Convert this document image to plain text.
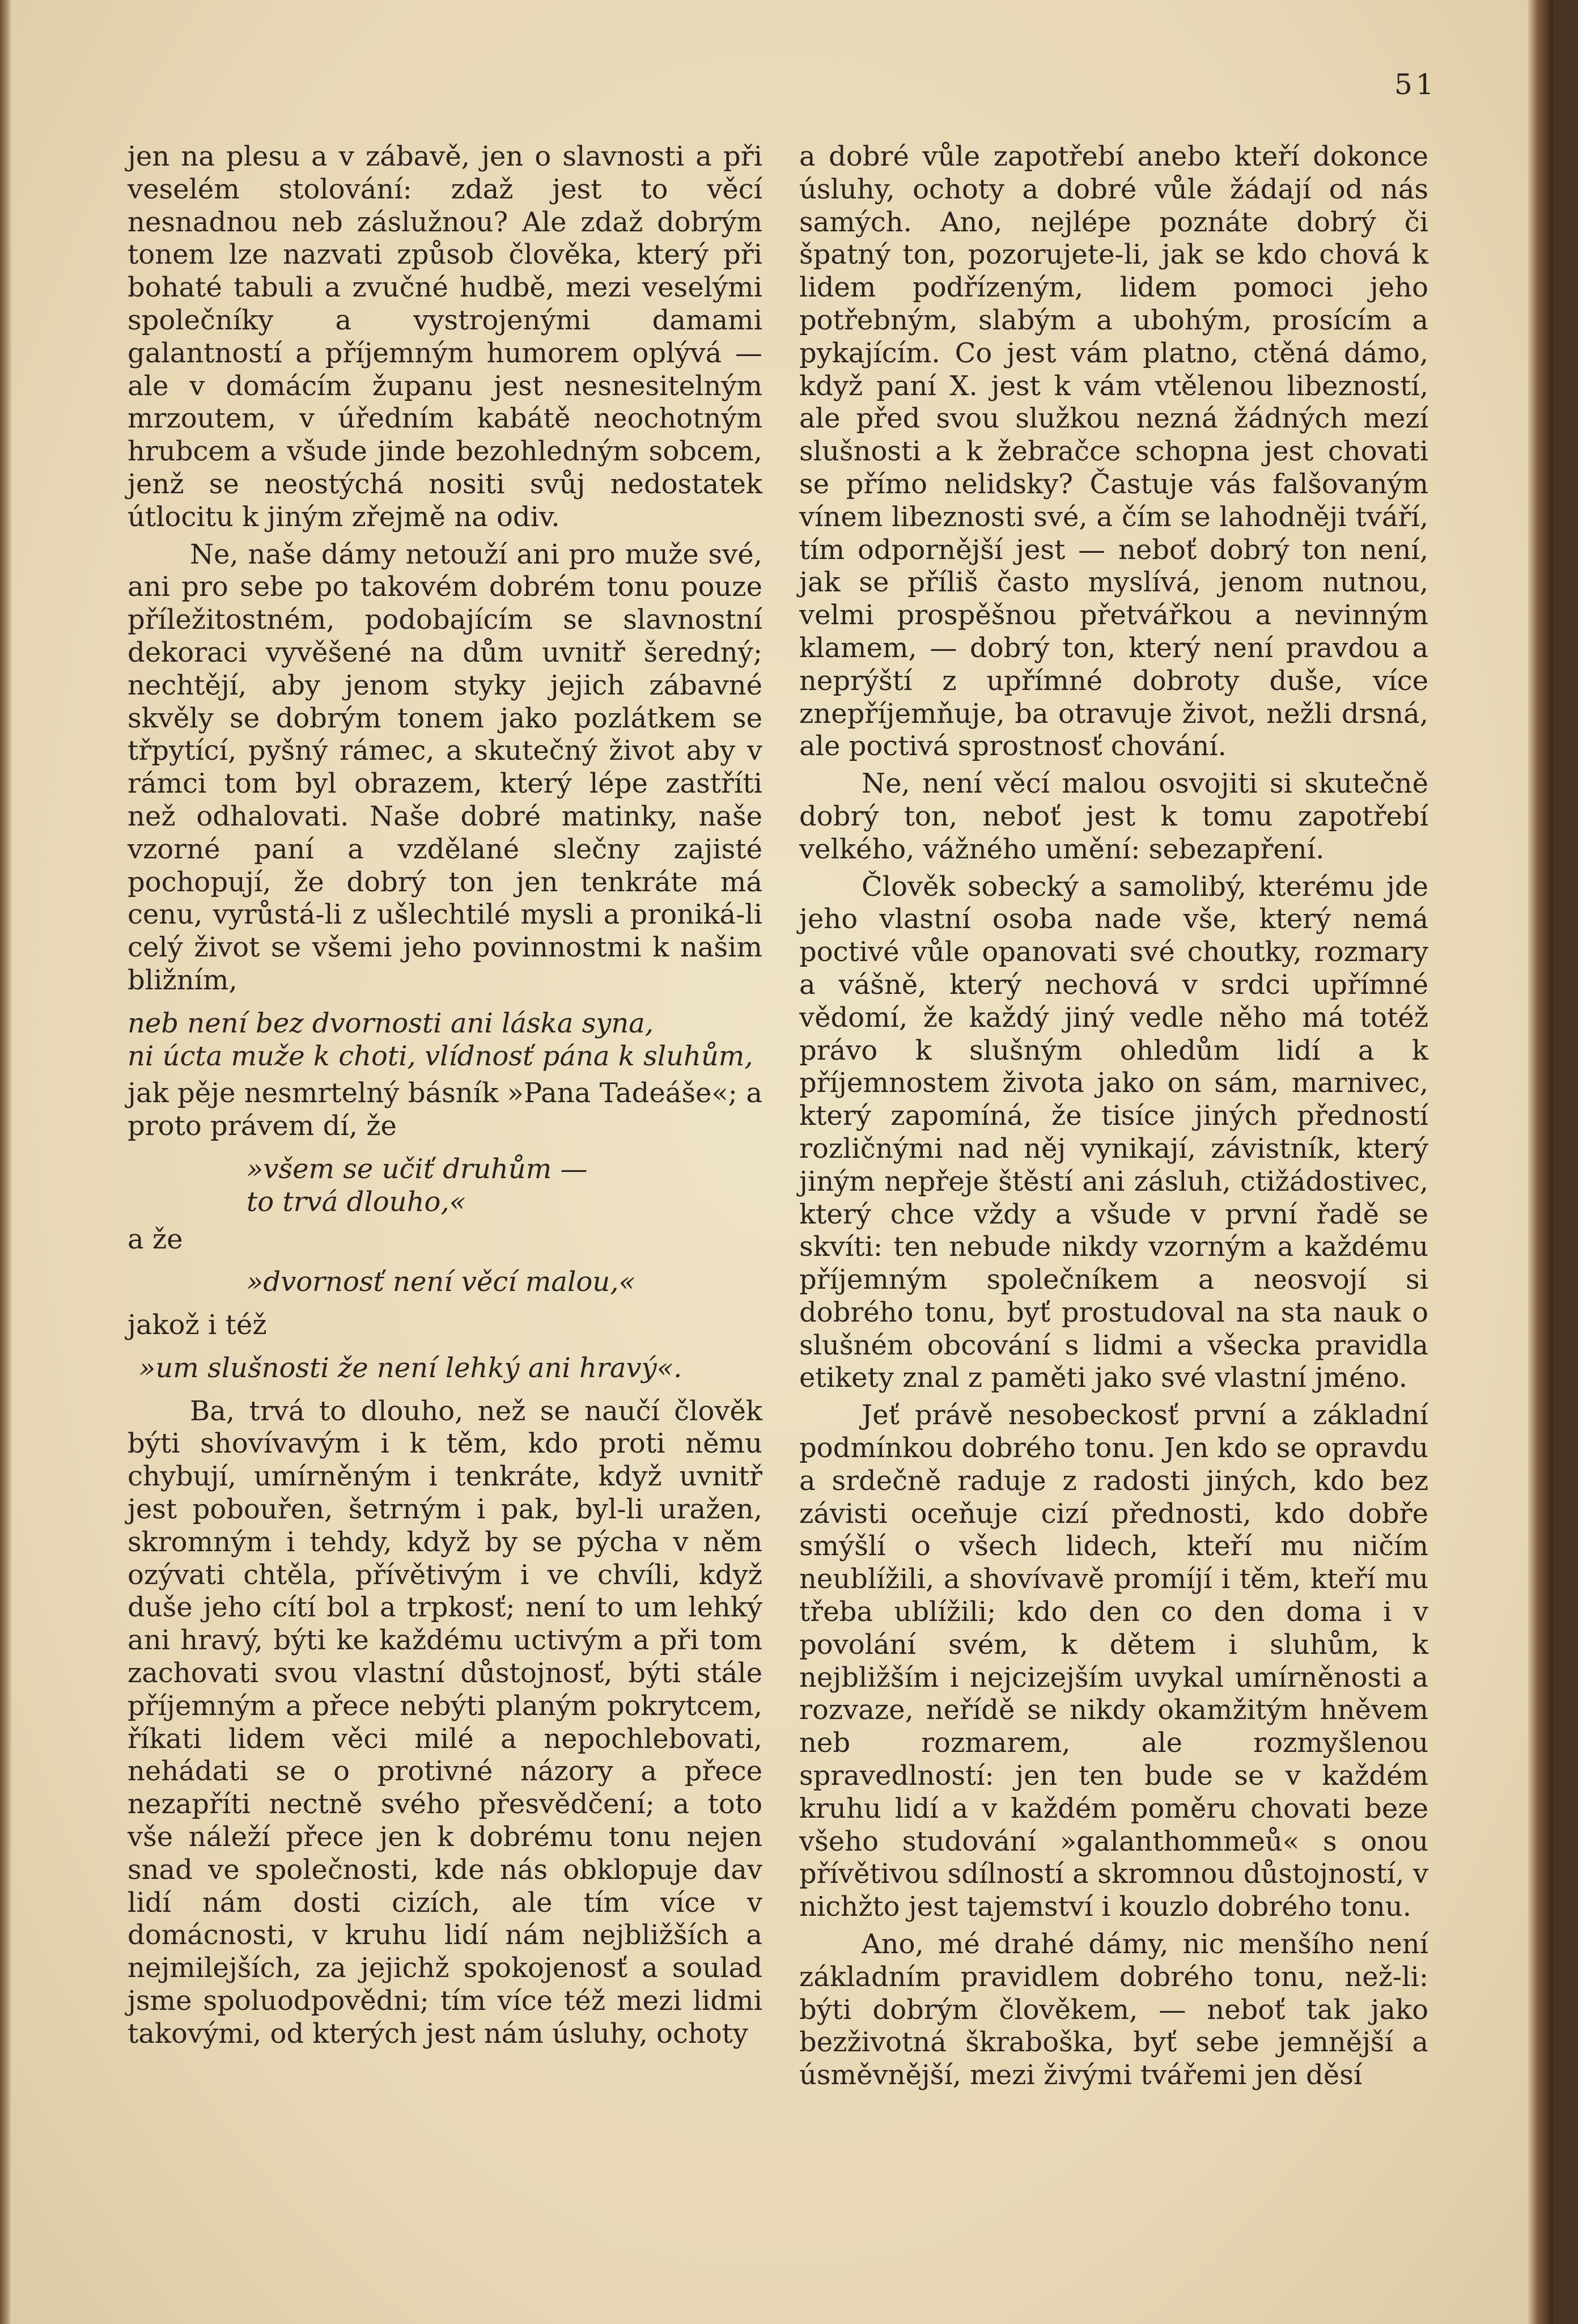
51

jen na plesu a v zábavě, jen o slavnosti a při veselém stolování: zdaž jest to věcí nesnadnou neb záslužnou? Ale zdaž dobrým tonem lze nazvati způsob člověka, který při bohaté tabuli a zvučné hudbě, mezi veselými společníky a vystrojenými damami galantností a příjemným humorem oplývá — ale v domácím županu jest nesnesitelným mrzoutem, v úředním kabátě neochotným hrubcem a všude jinde bezohledným sobcem, jenž se neostýchá nositi svůj nedostatek útlocitu k jiným zřejmě na odiv.

Ne, naše dámy netouží ani pro muže své, ani pro sebe po takovém dobrém tonu pouze příležitostném, podobajícím se slavnostní dekoraci vyvěšené na dům uvnitř šeredný; nechtějí, aby jenom styky jejich zábavné skvěly se dobrým tonem jako pozlátkem se třpytící, pyšný rámec, a skutečný život aby v rámci tom byl obrazem, který lépe zastříti než odhalovati. Naše dobré matinky, naše vzorné paní a vzdělané slečny zajisté pochopují, že dobrý ton jen tenkráte má cenu, vyrůstá-li z ušlechtilé mysli a proniká-li celý život se všemi jeho povinnostmi k našim bližním,

neb není bez dvornosti ani láska syna,

ni úcta muže k choti, vlídnosť pána k sluhům,

jak pěje nesmrtelný básník »Pana Tadeáše«; a proto právem dí, že

»všem se učiť druhům —

to trvá dlouho,«

a že

»dvornosť není věcí malou,«

jakož i též

»um slušnosti že není lehký ani hravý«.

Ba, trvá to dlouho, než se naučí člověk býti shovívavým i k těm, kdo proti němu chybují, umírněným i tenkráte, když uvnitř jest pobouřen, šetrným i pak, byl-li uražen, skromným i tehdy, když by se pýcha v něm ozývati chtěla, přívětivým i ve chvíli, když duše jeho cítí bol a trpkosť; není to um lehký ani hravý, býti ke každému uctivým a při tom zachovati svou vlastní důstojnosť, býti stále příjemným a přece nebýti planým pokrytcem, říkati lidem věci milé a nepochlebovati, nehádati se o protivné názory a přece nezapříti nectně svého přesvědčení; a toto vše náleží přece jen k dobrému tonu nejen snad ve společnosti, kde nás obklopuje dav lidí nám dosti cizích, ale tím více v domácnosti, v kruhu lidí nám nejbližších a nejmilejších, za jejichž spokojenosť a soulad jsme spoluodpovědni; tím více též mezi lidmi takovými, od kterých jest nám úsluhy, ochoty

a dobré vůle zapotřebí anebo kteří dokonce úsluhy, ochoty a dobré vůle žádají od nás samých. Ano, nejlépe poznáte dobrý či špatný ton, pozorujete-li, jak se kdo chová k lidem podřízeným, lidem pomoci jeho potřebným, slabým a ubohým, prosícím a pykajícím. Co jest vám platno, ctěná dámo, když paní X. jest k vám vtělenou libezností, ale před svou služkou nezná žádných mezí slušnosti a k žebračce schopna jest chovati se přímo nelidsky? Častuje vás falšovaným vínem libeznosti své, a čím se lahodněji tváří, tím odpornější jest — neboť dobrý ton není, jak se příliš často myslívá, jenom nutnou, velmi prospěšnou přetvářkou a nevinným klamem, — dobrý ton, který není pravdou a neprýští z upřímné dobroty duše, více znepříjemňuje, ba otravuje život, nežli drsná, ale poctivá sprostnosť chování.

Ne, není věcí malou osvojiti si skutečně dobrý ton, neboť jest k tomu zapotřebí velkého, vážného umění: sebezapření.

Člověk sobecký a samolibý, kterému jde jeho vlastní osoba nade vše, který nemá poctivé vůle opanovati své choutky, rozmary a vášně, který nechová v srdci upřímné vědomí, že každý jiný vedle něho má totéž právo k slušným ohledům lidí a k příjemnostem života jako on sám, marnivec, který zapomíná, že tisíce jiných předností rozličnými nad něj vynikají, závistník, který jiným nepřeje štěstí ani zásluh, ctižádostivec, který chce vždy a všude v první řadě se skvíti: ten nebude nikdy vzorným a každému příjemným společníkem a neosvojí si dobrého tonu, byť prostudoval na sta nauk o slušném obcování s lidmi a všecka pravidla etikety znal z paměti jako své vlastní jméno.

Jeť právě nesobeckosť první a základní podmínkou dobrého tonu. Jen kdo se opravdu a srdečně raduje z radosti jiných, kdo bez závisti oceňuje cizí přednosti, kdo dobře smýšlí o všech lidech, kteří mu ničím neublížili, a shovívavě promíjí i těm, kteří mu třeba ublížili; kdo den co den doma i v povolání svém, k dětem i sluhům, k nejbližším i nejcizejším uvykal umírněnosti a rozvaze, neřídě se nikdy okamžitým hněvem neb rozmarem, ale rozmyšlenou spravedlností: jen ten bude se v každém kruhu lidí a v každém poměru chovati beze všeho studování »galanthommeů« s onou přívětivou sdílností a skromnou důstojností, v nichžto jest tajemství i kouzlo dobrého tonu.

Ano, mé drahé dámy, nic menšího není základním pravidlem dobrého tonu, než-li: býti dobrým člověkem, — neboť tak jako bezživotná škraboška, byť sebe jemnější a úsměvnější, mezi živými tvářemi jen děsí
